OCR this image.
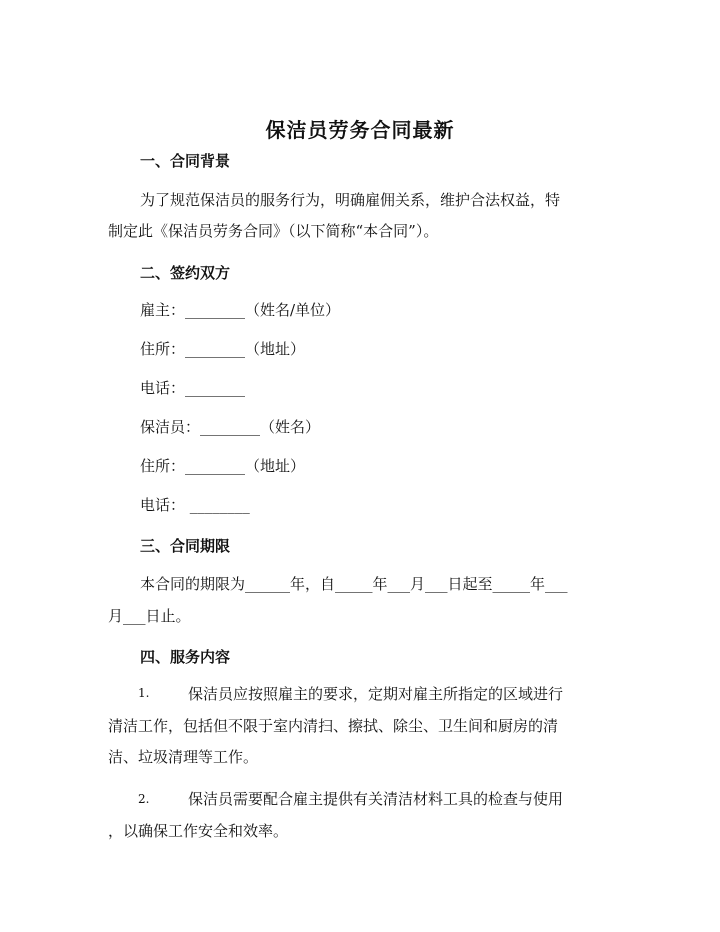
保洁员劳务合同最新
一、合同背景
为了规范保洁员的服务行为，明确雇佣关系，维护合法权益，特
制定此《保洁员劳务合同》（以下简称“本合同”）。
二、签约双方
雇主：________（姓名/单位）
住所：________（地址）
电话：________
保洁员：________（姓名）
住所：________（地址）
电话： ________
三、合同期限
本合同的期限为______年，自_____年___月___日起至_____年___
月___日止。
四、服务内容
1.	保洁员应按照雇主的要求，定期对雇主所指定的区域进行
清洁工作，包括但不限于室内清扫、擦拭、除尘、卫生间和厨房的清
洁、垃圾清理等工作。
2.	保洁员需要配合雇主提供有关清洁材料工具的检查与使用
，以确保工作安全和效率。
